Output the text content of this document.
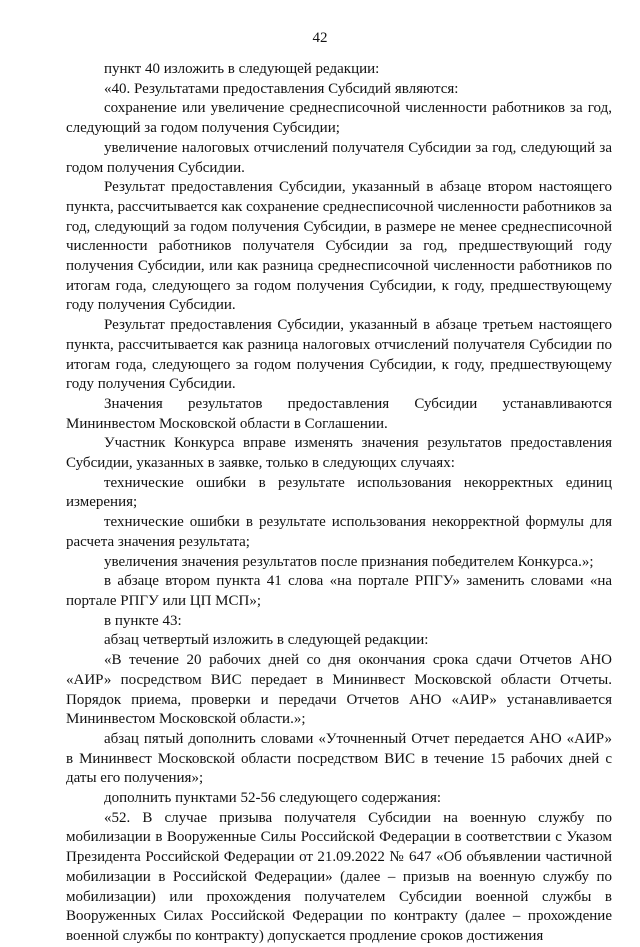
42

пункт 40 изложить в следующей редакции:

«40. Результатами предоставления Субсидий являются:

сохранение или увеличение среднесписочной численности работников за год, следующий за годом получения Субсидии;

увеличение налоговых отчислений получателя Субсидии за год, следующий за годом получения Субсидии.

Результат предоставления Субсидии, указанный в абзаце втором настоящего пункта, рассчитывается как сохранение среднесписочной численности работников за год, следующий за годом получения Субсидии, в размере не менее среднесписочной численности работников получателя Субсидии за год, предшествующий году получения Субсидии, или как разница среднесписочной численности работников по итогам года, следующего за годом получения Субсидии, к году, предшествующему году получения Субсидии.

Результат предоставления Субсидии, указанный в абзаце третьем настоящего пункта, рассчитывается как разница налоговых отчислений получателя Субсидии по итогам года, следующего за годом получения Субсидии, к году, предшествующему году получения Субсидии.

Значения результатов предоставления Субсидии устанавливаются Мининвестом Московской области в Соглашении.

Участник Конкурса вправе изменять значения результатов предоставления Субсидии, указанных в заявке, только в следующих случаях:

технические ошибки в результате использования некорректных единиц измерения;

технические ошибки в результате использования некорректной формулы для расчета значения результата;

увеличения значения результатов после признания победителем Конкурса.»;

в абзаце втором пункта 41 слова «на портале РПГУ» заменить словами «на портале РПГУ или ЦП МСП»;

в пункте 43:

абзац четвертый изложить в следующей редакции:

«В течение 20 рабочих дней со дня окончания срока сдачи Отчетов АНО «АИР» посредством ВИС передает в Мининвест Московской области Отчеты. Порядок приема, проверки и передачи Отчетов АНО «АИР» устанавливается Мининвестом Московской области.»;

абзац пятый дополнить словами «Уточненный Отчет передается АНО «АИР» в Мининвест Московской области посредством ВИС в течение 15 рабочих дней с даты его получения»;

дополнить пунктами 52-56 следующего содержания:

«52. В случае призыва получателя Субсидии на военную службу по мобилизации в Вооруженные Силы Российской Федерации в соответствии с Указом Президента Российской Федерации от 21.09.2022 № 647 «Об объявлении частичной мобилизации в Российской Федерации» (далее – призыв на военную службу по мобилизации) или прохождения получателем Субсидии военной службы в Вооруженных Силах Российской Федерации по контракту (далее – прохождение военной службы по контракту) допускается продление сроков достижения
